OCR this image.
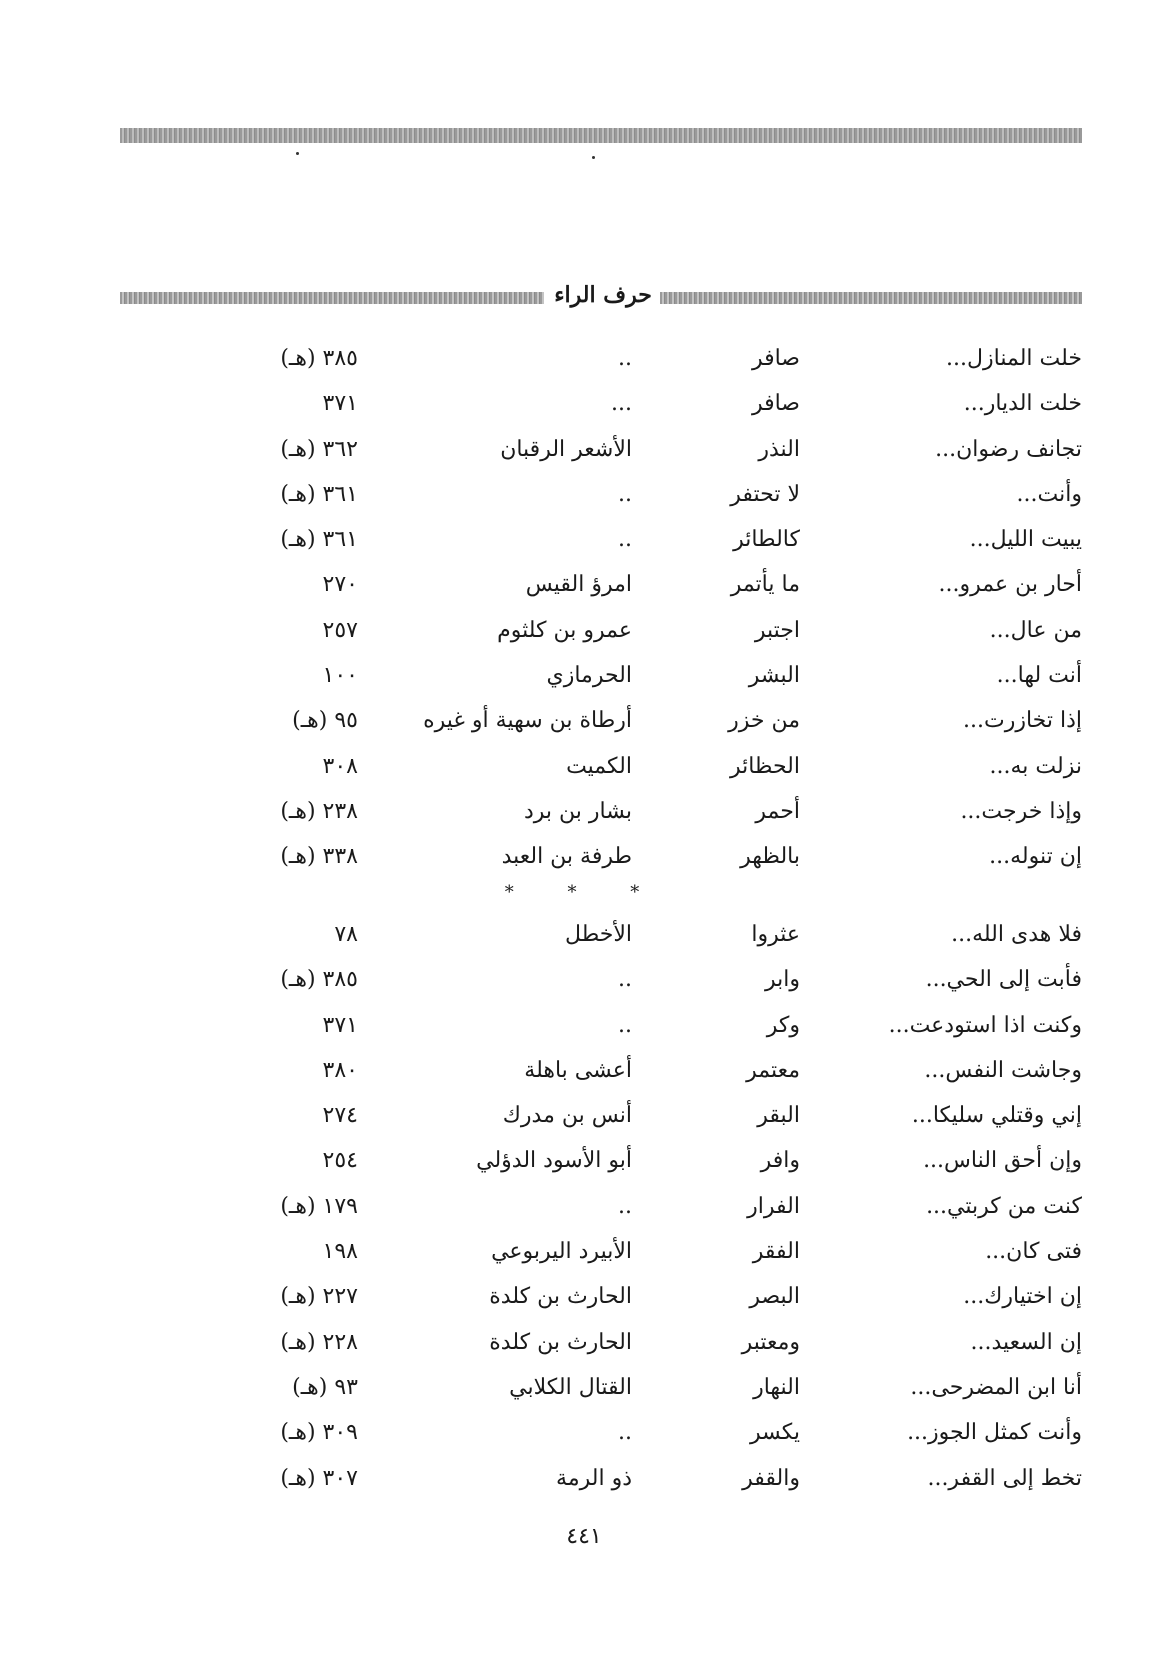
حرف الراء
خلت المنازل...
صافر
..
٣٨٥ (هـ)
خلت الديار...
صافر
...
٣٧١
تجانف رضوان...
النذر
الأشعر الرقبان
٣٦٢ (هـ)
وأنت...
لا تحتفر
..
٣٦١ (هـ)
يبيت الليل...
كالطائر
..
٣٦١ (هـ)
أحار بن عمرو...
ما يأتمر
امرؤ القيس
٢٧٠
من عال...
اجتبر
عمرو بن كلثوم
٢٥٧
أنت لها...
البشر
الحرمازي
١٠٠
إذا تخازرت...
من خزر
أرطاة بن سهية أو غيره
٩٥ (هـ)
نزلت به...
الحظائر
الكميت
٣٠٨
وإذا خرجت...
أحمر
بشار بن برد
٢٣٨ (هـ)
إن تنوله...
بالظهر
طرفة بن العبد
٣٣٨ (هـ)
* * *
فلا هدى الله...
عثروا
الأخطل
٧٨
فأبت إلى الحي...
وابر
..
٣٨٥ (هـ)
وكنت اذا استودعت...
وكر
..
٣٧١
وجاشت النفس...
معتمر
أعشى باهلة
٣٨٠
إني وقتلي سليكا...
البقر
أنس بن مدرك
٢٧٤
وإن أحق الناس...
وافر
أبو الأسود الدؤلي
٢٥٤
كنت من كربتي...
الفرار
..
١٧٩ (هـ)
فتى كان...
الفقر
الأبيرد اليربوعي
١٩٨
إن اختيارك...
البصر
الحارث بن كلدة
٢٢٧ (هـ)
إن السعيد...
ومعتبر
الحارث بن كلدة
٢٢٨ (هـ)
أنا ابن المضرحى...
النهار
القتال الكلابي
٩٣ (هـ)
وأنت كمثل الجوز...
يكسر
..
٣٠٩ (هـ)
تخط إلى القفر...
والقفر
ذو الرمة
٣٠٧ (هـ)
٤٤١
